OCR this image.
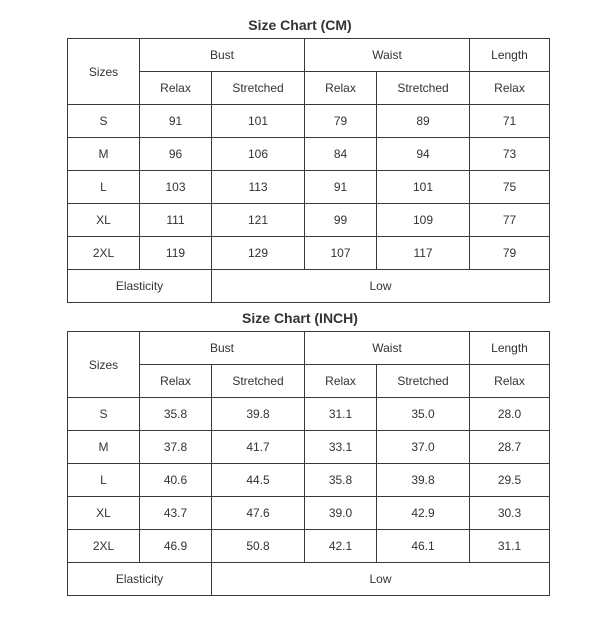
Size Chart (CM)
Sizes	Bust		Waist		Length
	Relax	Stretched	Relax	Stretched	Relax
S	91	101	79	89	71
M	96	106	84	94	73
L	103	113	91	101	75
XL	111	121	99	109	77
2XL	119	129	107	117	79
Elasticity		Low			
Size Chart (INCH)
Sizes	Bust		Waist		Length
	Relax	Stretched	Relax	Stretched	Relax
S	35.8	39.8	31.1	35.0	28.0
M	37.8	41.7	33.1	37.0	28.7
L	40.6	44.5	35.8	39.8	29.5
XL	43.7	47.6	39.0	42.9	30.3
2XL	46.9	50.8	42.1	46.1	31.1
Elasticity		Low			
